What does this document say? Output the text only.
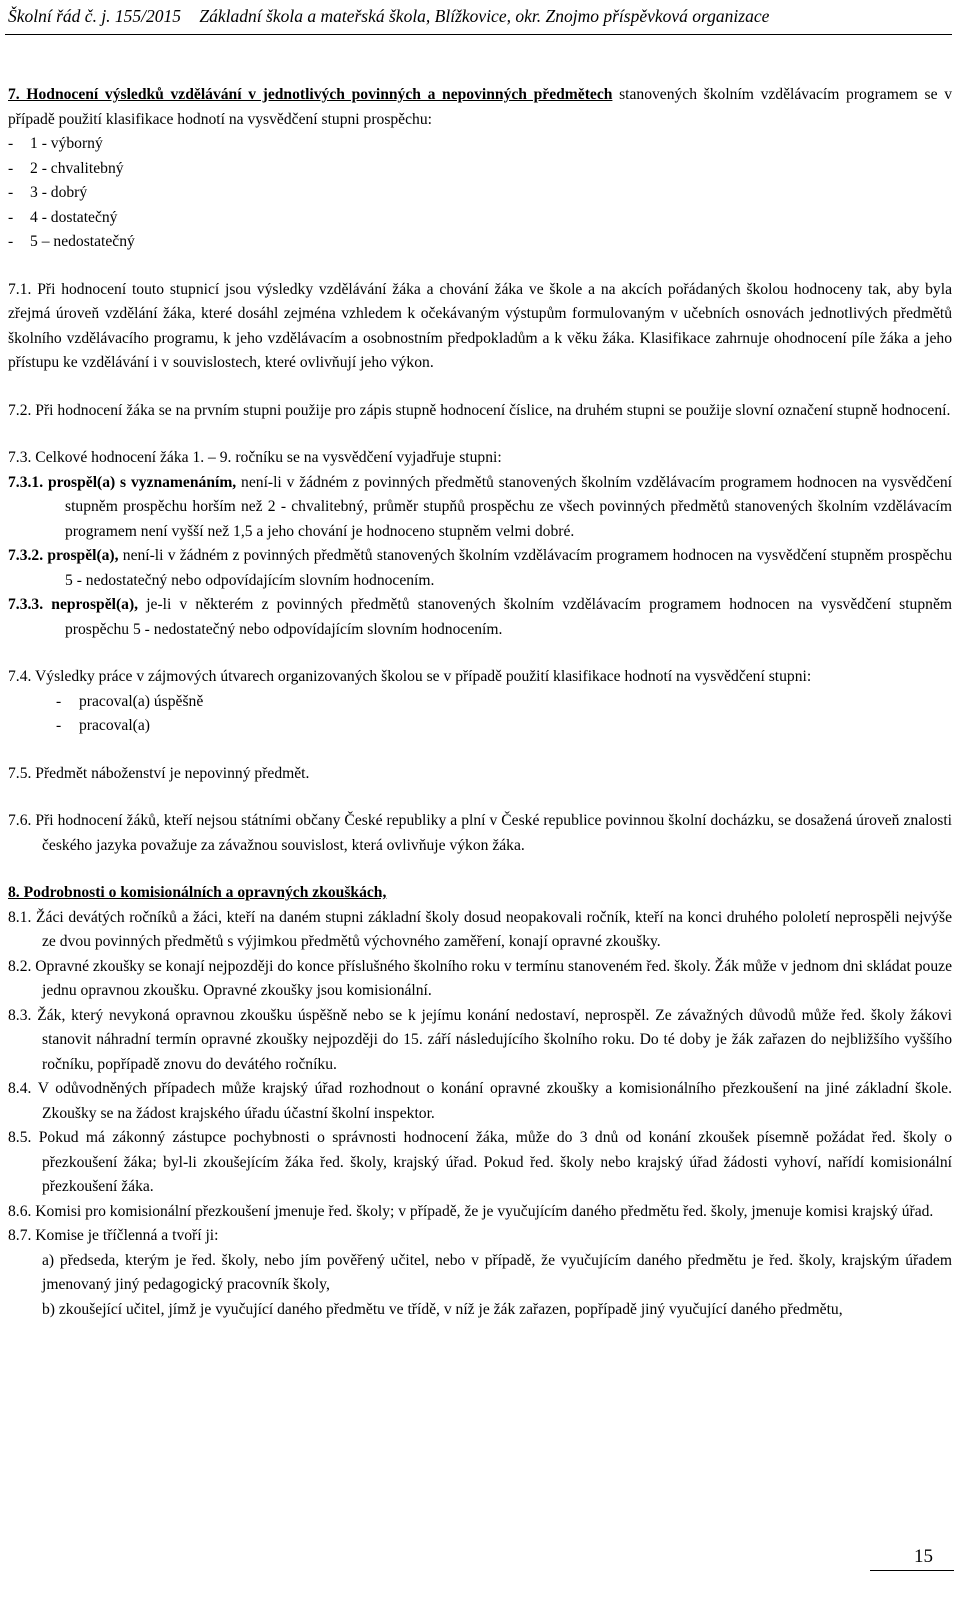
Školní řád č. j. 155/2015 Základní škola a mateřská škola, Blížkovice, okr. Znojmo příspěvková organizace

7. Hodnocení výsledků vzdělávání v jednotlivých povinných a nepovinných předmětech stanovených školním vzdělávacím programem se v případě použití klasifikace hodnotí na vysvědčení stupni prospěchu:

- 1 - výborný

- 2 - chvalitebný

- 3 - dobrý

- 4 - dostatečný

- 5 – nedostatečný

7.1. Při hodnocení touto stupnicí jsou výsledky vzdělávání žáka a chování žáka ve škole a na akcích pořádaných školou hodnoceny tak, aby byla zřejmá úroveň vzdělání žáka, které dosáhl zejména vzhledem k očekávaným výstupům formulovaným v učebních osnovách jednotlivých předmětů školního vzdělávacího programu, k jeho vzdělávacím a osobnostním předpokladům a k věku žáka. Klasifikace zahrnuje ohodnocení píle žáka a jeho přístupu ke vzdělávání i v souvislostech, které ovlivňují jeho výkon.

7.2. Při hodnocení žáka se na prvním stupni použije pro zápis stupně hodnocení číslice, na druhém stupni se použije slovní označení stupně hodnocení.

7.3. Celkové hodnocení žáka 1. – 9. ročníku se na vysvědčení vyjadřuje stupni:

7.3.1. prospěl(a) s vyznamenáním, není-li v žádném z povinných předmětů stanovených školním vzdělávacím programem hodnocen na vysvědčení stupněm prospěchu horším než 2 - chvalitebný, průměr stupňů prospěchu ze všech povinných předmětů stanovených školním vzdělávacím programem není vyšší než 1,5 a jeho chování je hodnoceno stupněm velmi dobré.

7.3.2. prospěl(a), není-li v žádném z povinných předmětů stanovených školním vzdělávacím programem hodnocen na vysvědčení stupněm prospěchu 5 - nedostatečný nebo odpovídajícím slovním hodnocením.

7.3.3. neprospěl(a), je-li v některém z povinných předmětů stanovených školním vzdělávacím programem hodnocen na vysvědčení stupněm prospěchu 5 - nedostatečný nebo odpovídajícím slovním hodnocením.

7.4. Výsledky práce v zájmových útvarech organizovaných školou se v případě použití klasifikace hodnotí na vysvědčení stupni:

- pracoval(a) úspěšně

- pracoval(a)

7.5. Předmět náboženství je nepovinný předmět.

7.6. Při hodnocení žáků, kteří nejsou státními občany České republiky a plní v České republice povinnou školní docházku, se dosažená úroveň znalosti českého jazyka považuje za závažnou souvislost, která ovlivňuje výkon žáka.

8. Podrobnosti o komisionálních a opravných zkouškách,

8.1. Žáci devátých ročníků a žáci, kteří na daném stupni základní školy dosud neopakovali ročník, kteří na konci druhého pololetí neprospěli nejvýše ze dvou povinných předmětů s výjimkou předmětů výchovného zaměření, konají opravné zkoušky.

8.2. Opravné zkoušky se konají nejpozději do konce příslušného školního roku v termínu stanoveném řed. školy. Žák může v jednom dni skládat pouze jednu opravnou zkoušku. Opravné zkoušky jsou komisionální.

8.3. Žák, který nevykoná opravnou zkoušku úspěšně nebo se k jejímu konání nedostaví, neprospěl. Ze závažných důvodů může řed. školy žákovi stanovit náhradní termín opravné zkoušky nejpozději do 15. září následujícího školního roku. Do té doby je žák zařazen do nejbližšího vyššího ročníku, popřípadě znovu do devátého ročníku.

8.4. V odůvodněných případech může krajský úřad rozhodnout o konání opravné zkoušky a komisionálního přezkoušení na jiné základní škole. Zkoušky se na žádost krajského úřadu účastní školní inspektor.

8.5. Pokud má zákonný zástupce pochybnosti o správnosti hodnocení žáka, může do 3 dnů od konání zkoušek písemně požádat řed. školy o přezkoušení žáka; byl-li zkoušejícím žáka řed. školy, krajský úřad. Pokud řed. školy nebo krajský úřad žádosti vyhoví, nařídí komisionální přezkoušení žáka.

8.6. Komisi pro komisionální přezkoušení jmenuje řed. školy; v případě, že je vyučujícím daného předmětu řed. školy, jmenuje komisi krajský úřad.

8.7. Komise je tříčlenná a tvoří ji:

a) předseda, kterým je řed. školy, nebo jím pověřený učitel, nebo v případě, že vyučujícím daného předmětu je řed. školy, krajským úřadem jmenovaný jiný pedagogický pracovník školy,

b) zkoušející učitel, jímž je vyučující daného předmětu ve třídě, v níž je žák zařazen, popřípadě jiný vyučující daného předmětu,

15
